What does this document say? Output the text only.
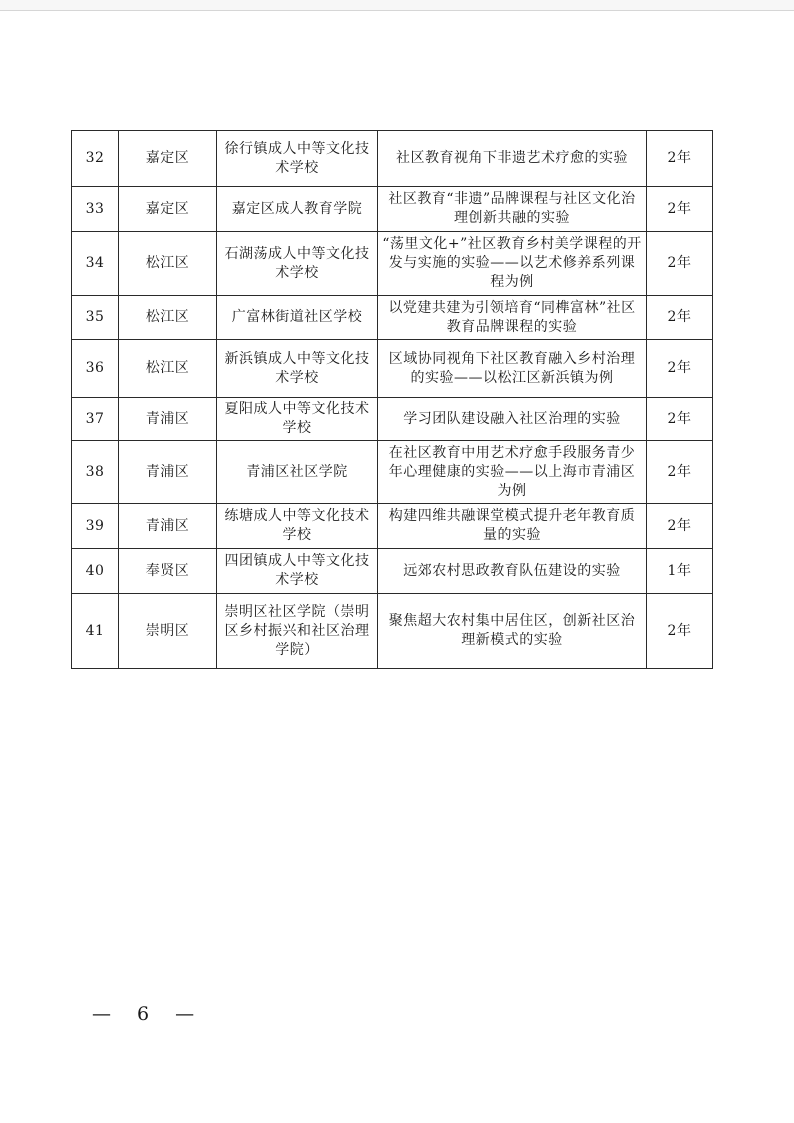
32	嘉定区	徐行镇成人中等文化技术学校	社区教育视角下非遗艺术疗愈的实验	2年
33	嘉定区	嘉定区成人教育学院	社区教育“非遗”品牌课程与社区文化治理创新共融的实验	2年
34	松江区	石湖荡成人中等文化技术学校	“荡里文化+”社区教育乡村美学课程的开发与实施的实验——以艺术修养系列课程为例	2年
35	松江区	广富林街道社区学校	以党建共建为引领培育“同榫富林”社区教育品牌课程的实验	2年
36	松江区	新浜镇成人中等文化技术学校	区域协同视角下社区教育融入乡村治理的实验——以松江区新浜镇为例	2年
37	青浦区	夏阳成人中等文化技术学校	学习团队建设融入社区治理的实验	2年
38	青浦区	青浦区社区学院	在社区教育中用艺术疗愈手段服务青少年心理健康的实验——以上海市青浦区为例	2年
39	青浦区	练塘成人中等文化技术学校	构建四维共融课堂模式提升老年教育质量的实验	2年
40	奉贤区	四团镇成人中等文化技术学校	远郊农村思政教育队伍建设的实验	1年
41	崇明区	崇明区社区学院（崇明区乡村振兴和社区治理学院）	聚焦超大农村集中居住区，创新社区治理新模式的实验	2年
— 6 —
